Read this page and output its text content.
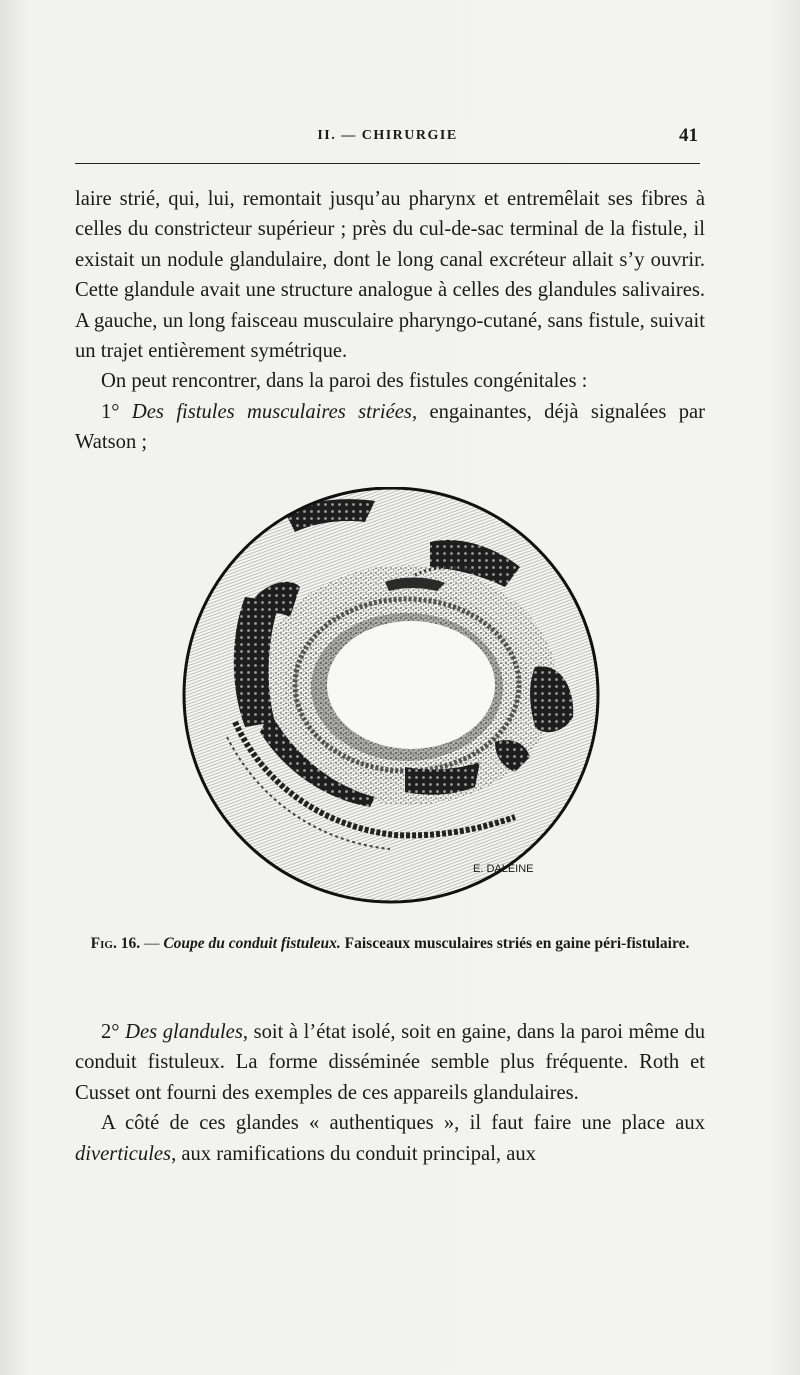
II. — CHIRURGIE	41

laire strié, qui, lui, remontait jusqu’au pharynx et entremêlait ses fibres à celles du constricteur supérieur ; près du cul-de-sac terminal de la fistule, il existait un nodule glandulaire, dont le long canal excréteur allait s’y ouvrir. Cette glandule avait une structure analogue à celles des glandules salivaires. A gauche, un long faisceau musculaire pharyngo-cutané, sans fistule, suivait un trajet entièrement symétrique.

On peut rencontrer, dans la paroi des fistules congénitales :

1° Des fistules musculaires striées, engainantes, déjà signalées par Watson ;

E. DALEINE
Fig. 16. — Coupe du conduit fistuleux. Faisceaux musculaires striés en gaine péri-fistulaire.

2° Des glandules, soit à l’état isolé, soit en gaine, dans la paroi même du conduit fistuleux. La forme disséminée semble plus fréquente. Roth et Cusset ont fourni des exemples de ces appareils glandulaires.

A côté de ces glandes « authentiques », il faut faire une place aux diverticules, aux ramifications du conduit principal, aux
